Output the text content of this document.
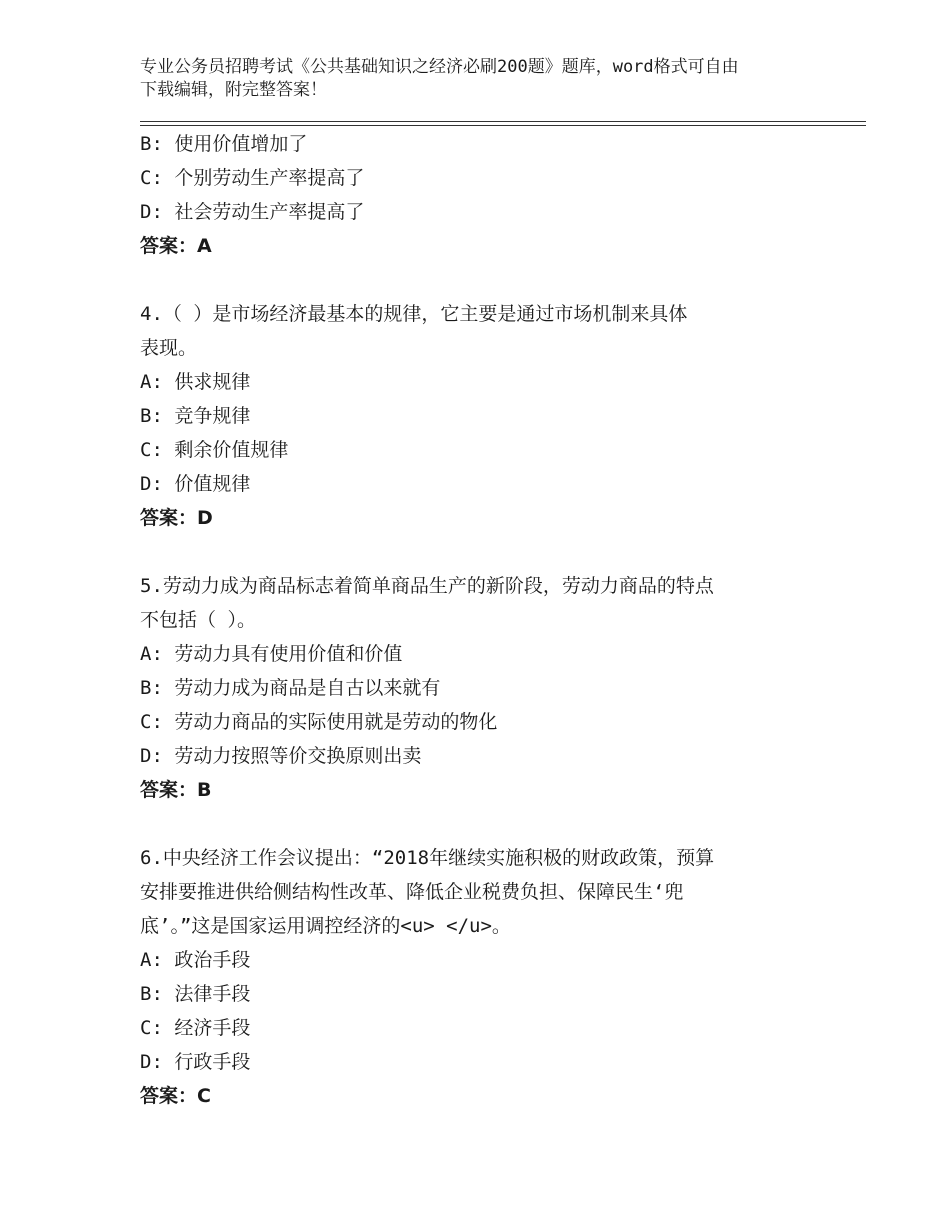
专业公务员招聘考试《公共基础知识之经济必刷200题》题库，word格式可自由
下载编辑，附完整答案！
B: 使用价值增加了
C: 个别劳动生产率提高了
D: 社会劳动生产率提高了
答案：A
4.（ ）是市场经济最基本的规律，它主要是通过市场机制来具体
表现。
A: 供求规律
B: 竞争规律
C: 剩余价值规律
D: 价值规律
答案：D
5.劳动力成为商品标志着简单商品生产的新阶段，劳动力商品的特点
不包括（ ）。
A: 劳动力具有使用价值和价值
B: 劳动力成为商品是自古以来就有
C: 劳动力商品的实际使用就是劳动的物化
D: 劳动力按照等价交换原则出卖
答案：B
6.中央经济工作会议提出：“2018年继续实施积极的财政政策，预算
安排要推进供给侧结构性改革、降低企业税费负担、保障民生‘兜
底’。”这是国家运用调控经济的<u> </u>。
A: 政治手段
B: 法律手段
C: 经济手段
D: 行政手段
答案：C
